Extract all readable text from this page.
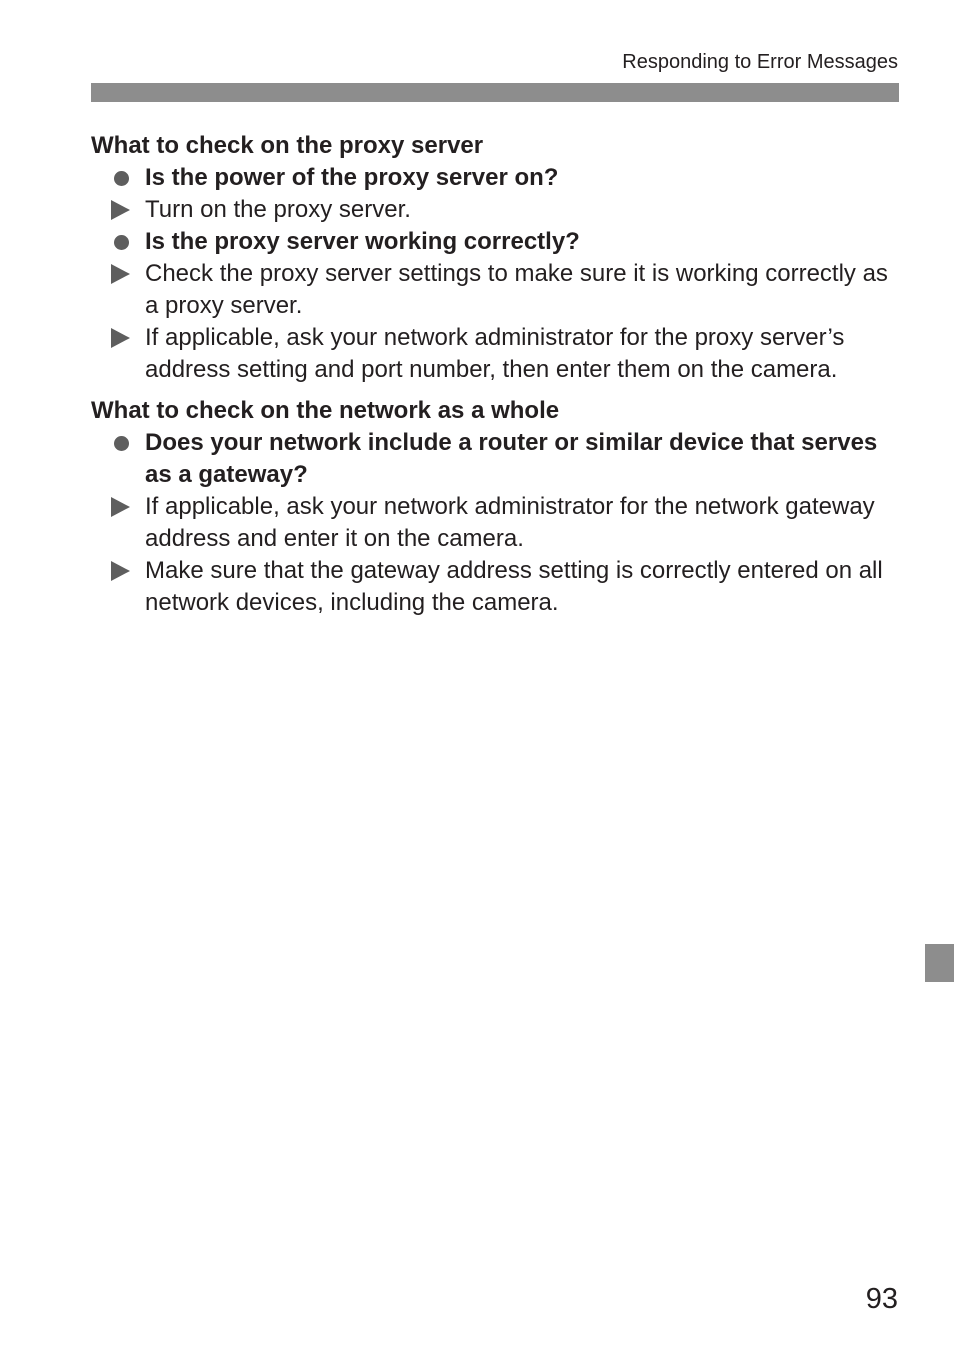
Responding to Error Messages
What to check on the proxy server
Is the power of the proxy server on?
Turn on the proxy server.
Is the proxy server working correctly?
Check the proxy server settings to make sure it is working correctly as a proxy server.
If applicable, ask your network administrator for the proxy server’s address setting and port number, then enter them on the camera.
What to check on the network as a whole
Does your network include a router or similar device that serves as a gateway?
If applicable, ask your network administrator for the network gateway address and enter it on the camera.
Make sure that the gateway address setting is correctly entered on all network devices, including the camera.
93
